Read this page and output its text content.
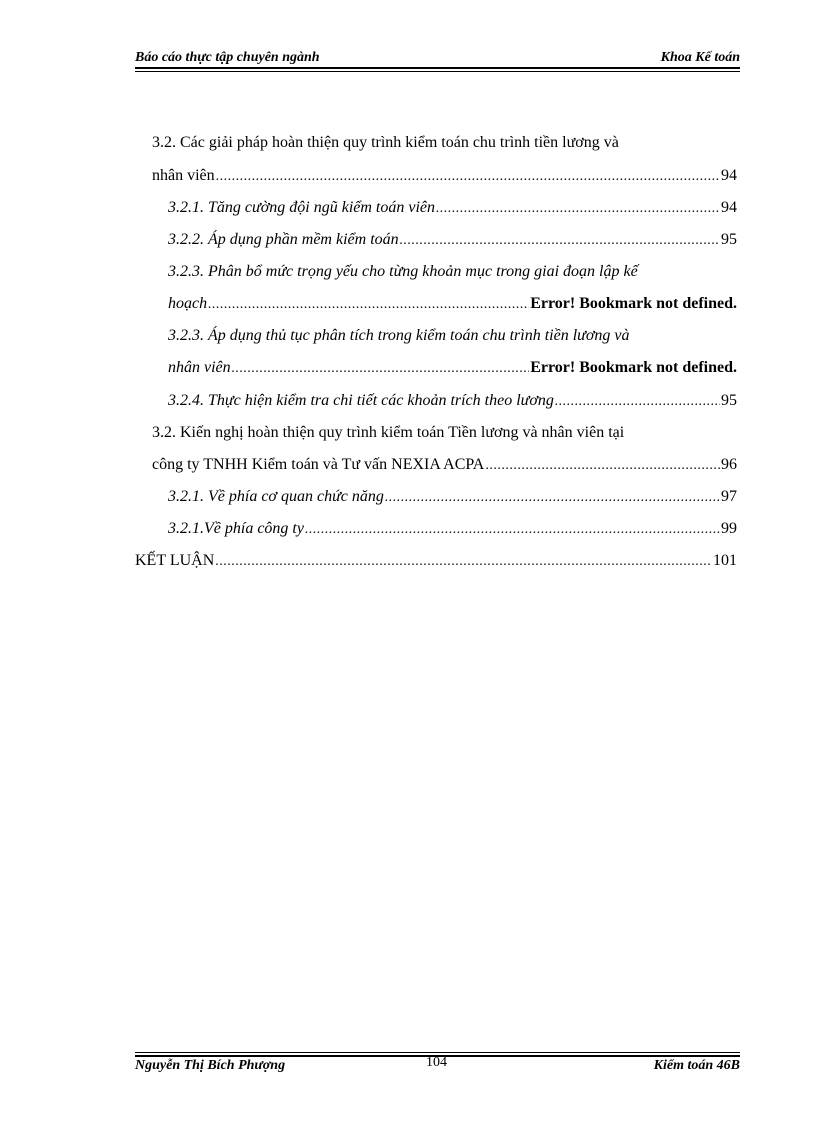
Báo cáo thực tập chuyên ngành	Khoa Kế toán
3.2. Các giải pháp hoàn thiện quy trình kiểm toán chu trình tiền lương và
nhân viên .....	94
3.2.1. Tăng cường đội ngũ kiểm toán viên .....	94
3.2.2. Áp dụng phần mềm kiểm toán .....	95
3.2.3. Phân bổ mức trọng yếu cho từng khoản mục trong giai đoạn lập kế
hoạch .....	Error! Bookmark not defined.
3.2.3. Áp dụng thủ tục phân tích trong kiểm toán chu trình tiền lương và
nhân viên .....	Error! Bookmark not defined.
3.2.4. Thực hiện kiểm tra chi tiết các khoản trích theo lương .....	95
3.2. Kiến nghị hoàn thiện quy trình kiểm toán Tiền lương và nhân viên tại
công ty TNHH Kiểm toán và Tư vấn NEXIA ACPA .....	96
3.2.1. Về phía cơ quan chức năng .....	97
3.2.1.Về phía công ty .....	99
KẾT LUẬN .....	101
Nguyễn Thị Bích Phượng	104	Kiểm toán 46B
